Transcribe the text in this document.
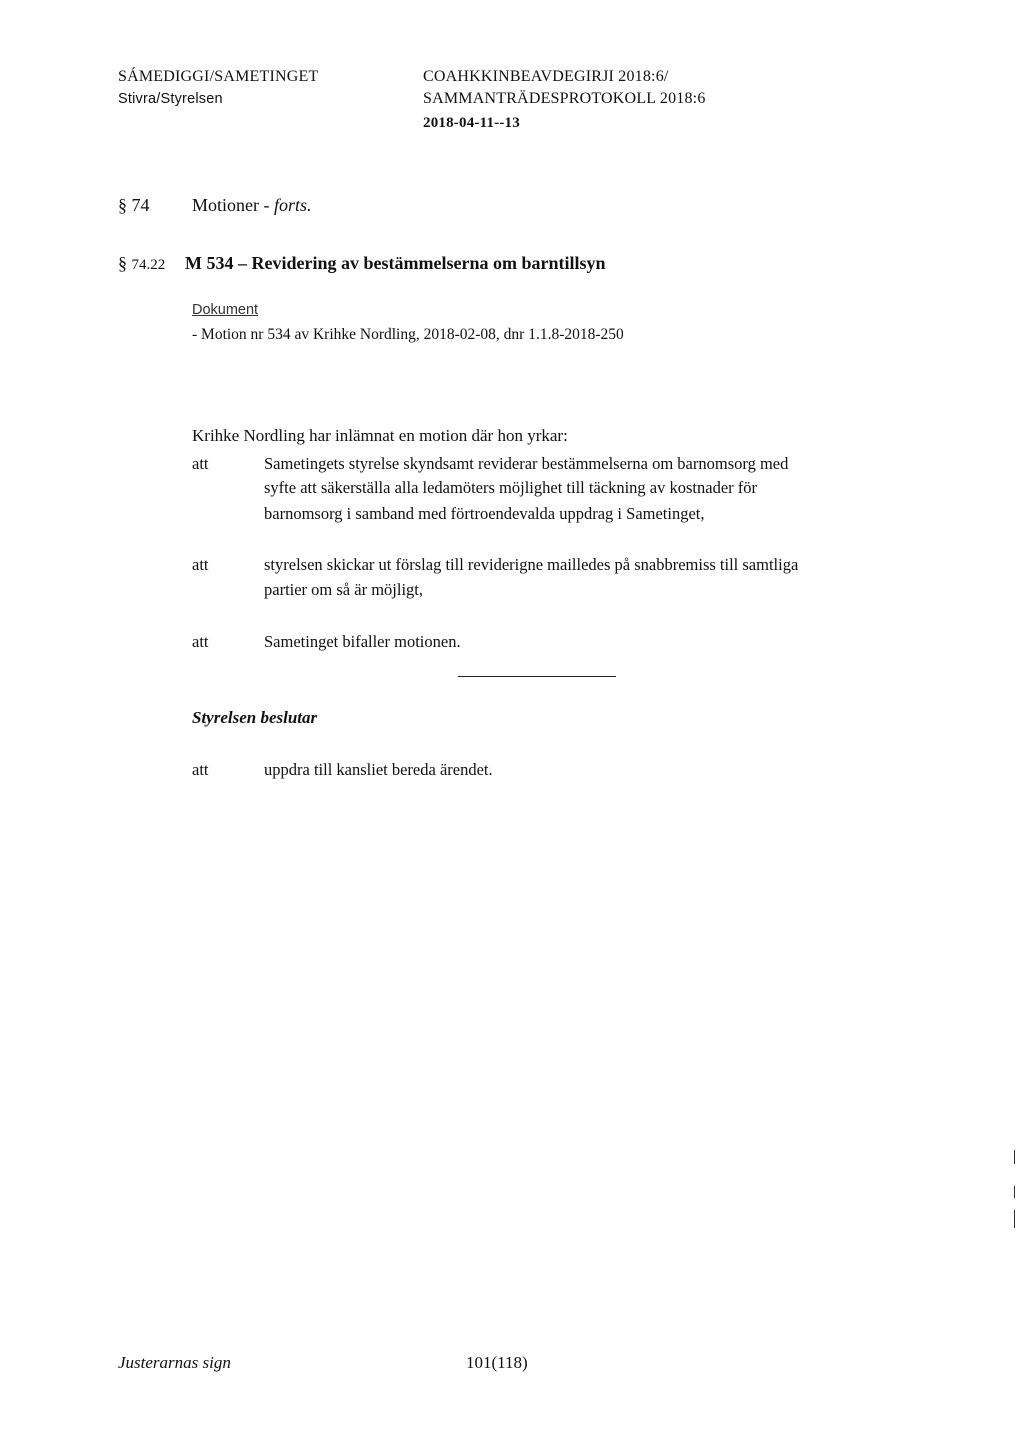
SÁMEDIGGI/SAMETINGET
Stivra/Styrelsen
COAHKKINBEAVDEGIRJI 2018:6/
SAMMANTRÄDESPROTOKOLL 2018:6
2018-04-11--13
§ 74 Motioner - forts.
§ 74.22 M 534 – Revidering av bestämmelserna om barntillsyn
Dokument
- Motion nr 534 av Krihke Nordling, 2018-02-08, dnr 1.1.8-2018-250
Krihke Nordling har inlämnat en motion där hon yrkar:
att	Sametingets styrelse skyndsamt reviderar bestämmelserna om barnomsorg med
syfte att säkerställa alla ledamöters möjlighet till täckning av kostnader för
barnomsorg i samband med förtroendevalda uppdrag i Sametinget,
att	styrelsen skickar ut förslag till reviderigne mailledes på snabbremiss till samtliga
partier om så är möjligt,
att	Sametinget bifaller motionen.
Styrelsen beslutar
att	uppdra till kansliet bereda ärendet.
Justerarnas sign	101(118)
